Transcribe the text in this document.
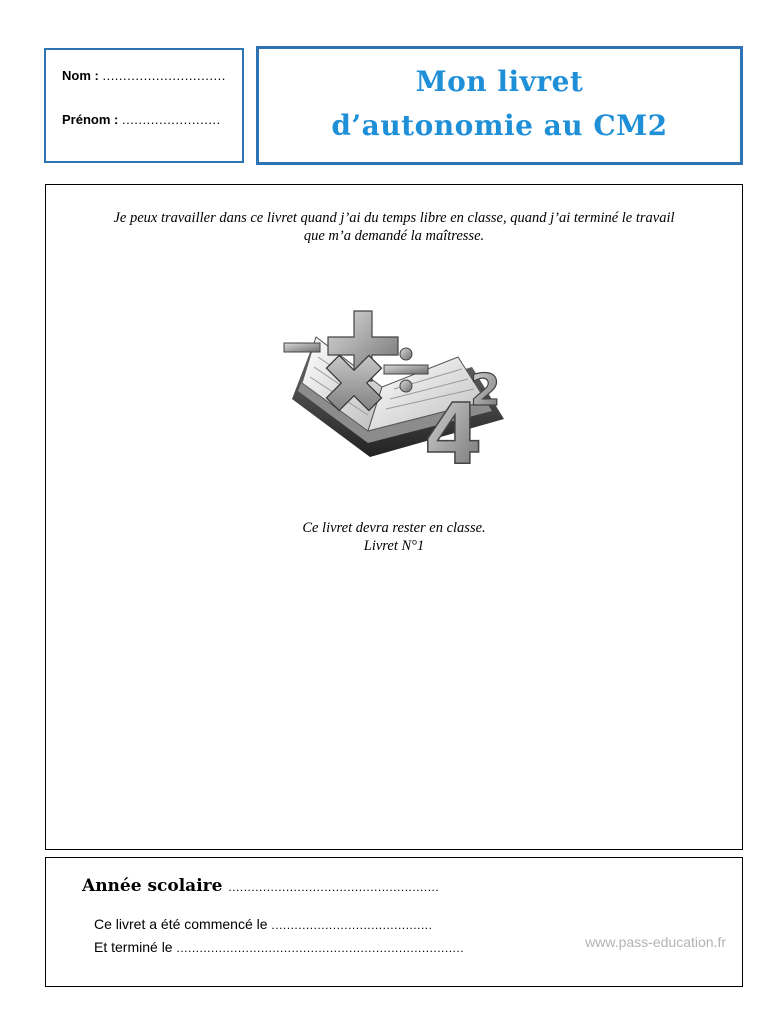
Nom : ..............................
Prénom : ........................
Mon livret
d’autonomie au CM2
Je peux travailler dans ce livret quand j’ai du temps libre en classe, quand j’ai terminé le travail
que m’a demandé la maîtresse.
4
2
Ce livret devra rester en classe.
Livret N°1
Année scolaire .......................................................
Ce livret a été commencé le ..........................................
Et terminé le ...........................................................................	www.pass-education.fr
